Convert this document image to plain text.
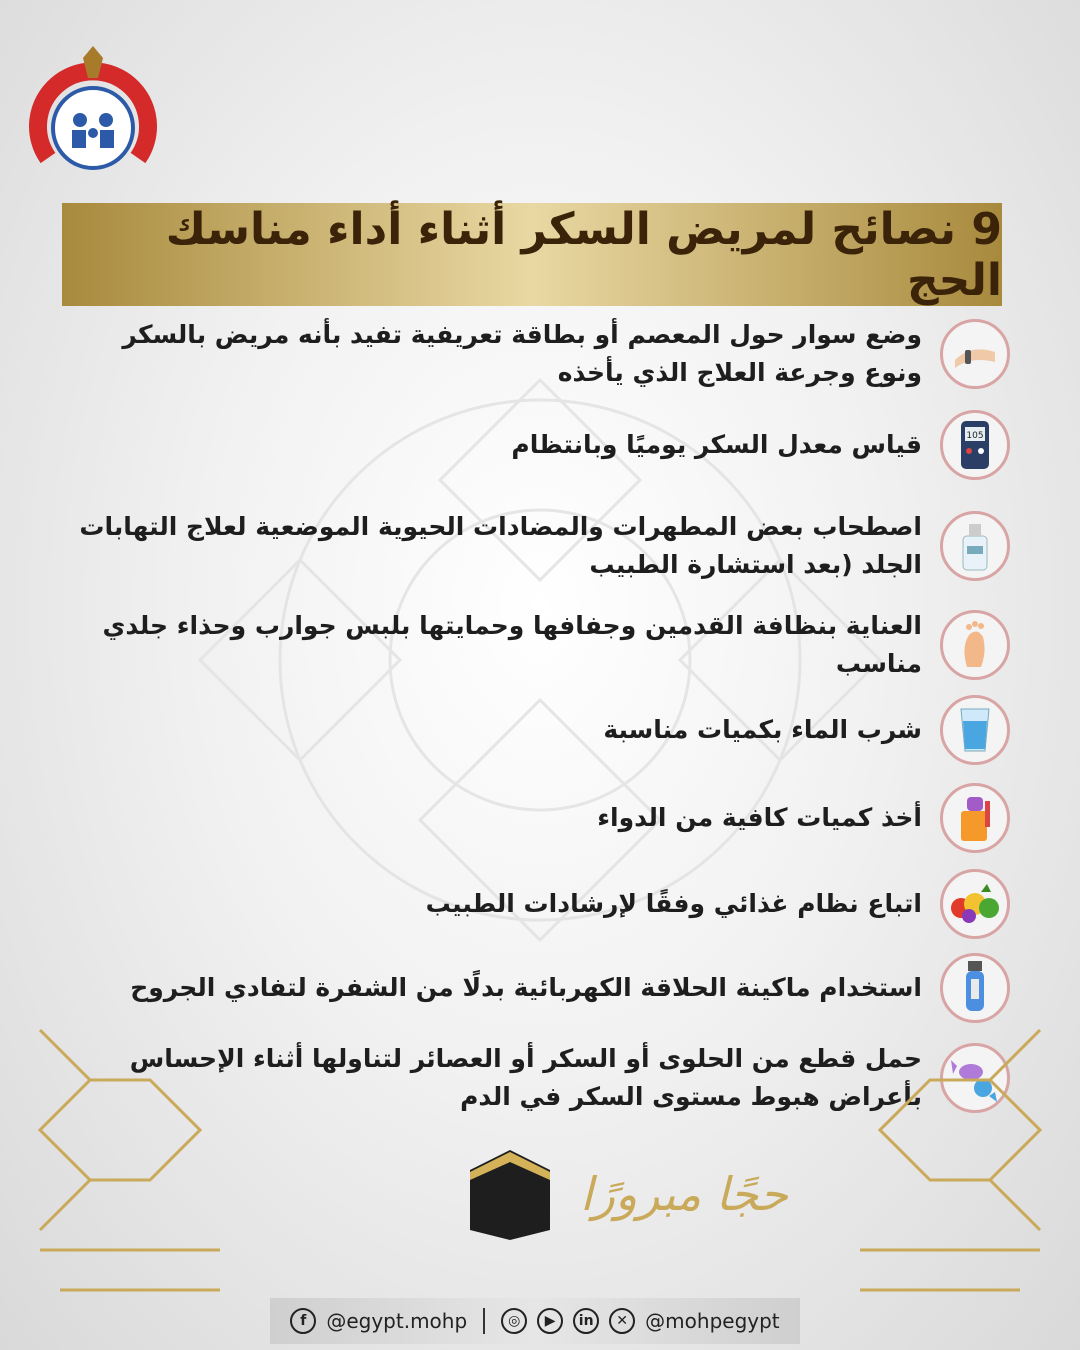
9 نصائح لمريض السكر أثناء أداء مناسك الحج
وضع سوار حول المعصم أو بطاقة تعريفية تفيد بأنه مريض بالسكر ونوع وجرعة العلاج الذي يأخذه
105
قياس معدل السكر يوميًا وبانتظام
اصطحاب بعض المطهرات والمضادات الحيوية الموضعية لعلاج التهابات الجلد (بعد استشارة الطبيب
العناية بنظافة القدمين وجفافها وحمايتها بلبس جوارب وحذاء جلدي مناسب
شرب الماء بكميات مناسبة
أخذ كميات كافية من الدواء
اتباع نظام غذائي وفقًا لإرشادات الطبيب
استخدام ماكينة الحلاقة الكهربائية بدلًا من الشفرة لتفادي الجروح
حمل قطع من الحلوى أو السكر أو العصائر لتناولها أثناء الإحساس بأعراض هبوط مستوى السكر في الدم
حجًا مبرورًا
f @egypt.mohp	◎	▶	in	✕ @mohpegypt
